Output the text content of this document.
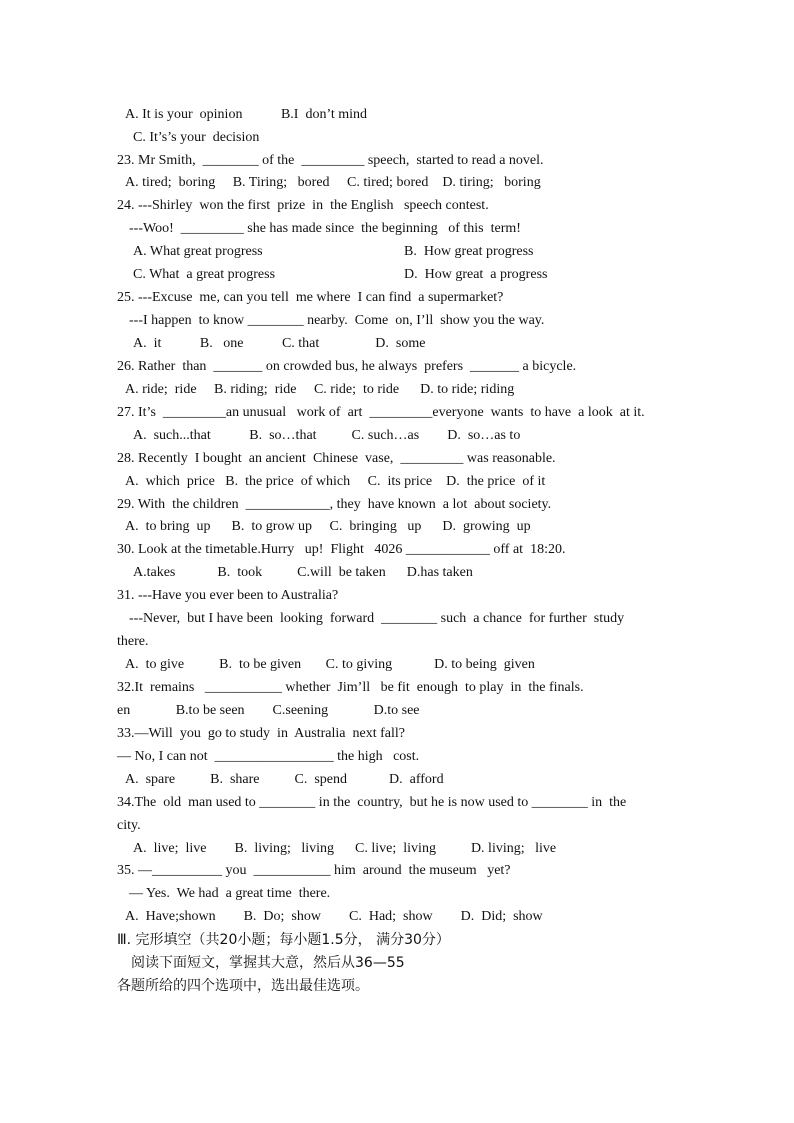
A. It is your  opinion           B.I  don’t mind
C. It’s’s your  decision
23. Mr Smith,  ________ of the  _________ speech,  started to read a novel.
A. tired;  boring     B. Tiring;   bored     C. tired; bored    D. tiring;   boring
24. ---Shirley  won the first  prize  in  the English   speech contest.
---Woo!  _________ she has made since  the beginning   of this  term!
A. What great progress	B.  How great progress
C. What  a great progress	D.  How great  a progress
25. ---Excuse  me, can you tell  me where  I can find  a supermarket?
---I happen  to know ________ nearby.  Come  on, I’ll  show you the way.
A.  it           B.   one           C. that                D.  some
26. Rather  than  _______ on crowded bus, he always  prefers  _______ a bicycle.
A. ride;  ride     B. riding;  ride     C. ride;  to ride      D. to ride; riding
27. It’s  _________an unusual   work of  art  _________everyone  wants  to have  a look  at it.
A.  such...that           B.  so…that          C. such…as        D.  so…as to
28. Recently  I bought  an ancient  Chinese  vase,  _________ was reasonable.
A.  which  price   B.  the price  of which     C.  its price    D.  the price  of it
29. With  the children  ____________, they  have known  a lot  about society.
A.  to bring  up      B.  to grow up     C.  bringing   up      D.  growing  up
30. Look at the timetable.Hurry   up!  Flight   4026 ____________ off at  18:20.
A.takes            B.  took          C.will  be taken      D.has taken
31. ---Have you ever been to Australia?
---Never,  but I have been  looking  forward  ________ such  a chance  for further  study
there.
A.  to give          B.  to be given       C. to giving            D. to being  given
32.It  remains   ___________ whether  Jim’ll   be fit  enough  to play  in  the finals.
en             B.to be seen        C.seening             D.to see
33.—Will  you  go to study  in  Australia  next fall?
— No, I can not  _________________ the high   cost.
A.  spare          B.  share          C.  spend            D.  afford
34.The  old  man used to ________ in the  country,  but he is now used to ________ in  the
city.
A.  live;  live        B.  living;   living      C. live;  living          D. living;   live
35. —__________ you  ___________ him  around  the museum   yet?
— Yes.  We had  a great time  there.
A.  Have;shown        B.  Do;  show        C.  Had;  show        D.  Did;  show
Ⅲ. 完形填空（共20小题；每小题1.5分， 满分30分）
阅读下面短文，掌握其大意，然后从36—55
各题所给的四个选项中，选出最佳选项。
